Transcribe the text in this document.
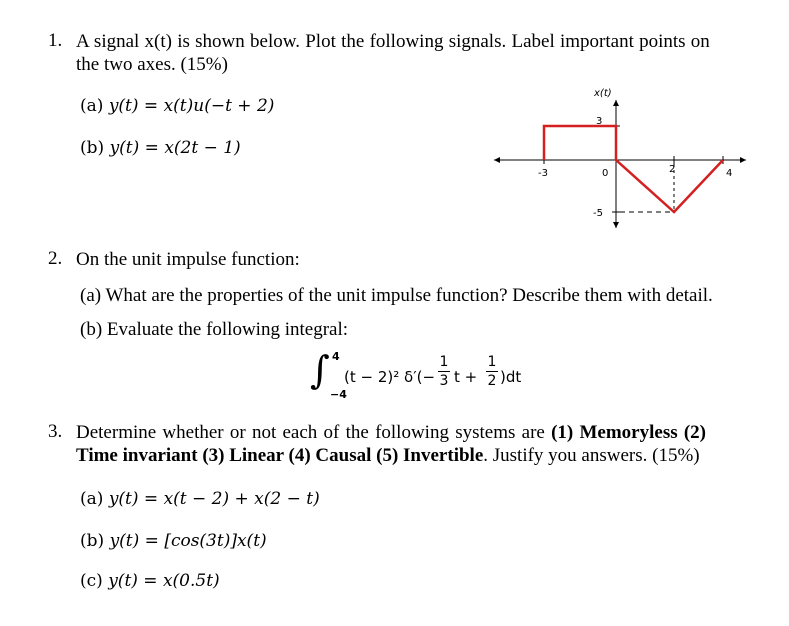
1. A signal x(t) is shown below. Plot the following signals. Label important points on
the two axes. (15%)
(a) y(t) = x(t)u(−t + 2)
(b) y(t) = x(2t − 1)
x(t)
3
-5
-3	0	2	4
2. On the unit impulse function:
(a) What are the properties of the unit impulse function? Describe them with detail.
(b) Evaluate the following integral:
∫ 4
−4
(t − 2)² δ′(−
1
3 t +
1
2 )dt
3. Determine whether or not each of the following systems are (1) Memoryless (2)
Time invariant (3) Linear (4) Causal (5) Invertible. Justify you answers. (15%)
(a) y(t) = x(t − 2) + x(2 − t)
(b) y(t) = [cos(3t)]x(t)
(c) y(t) = x(0.5t)
